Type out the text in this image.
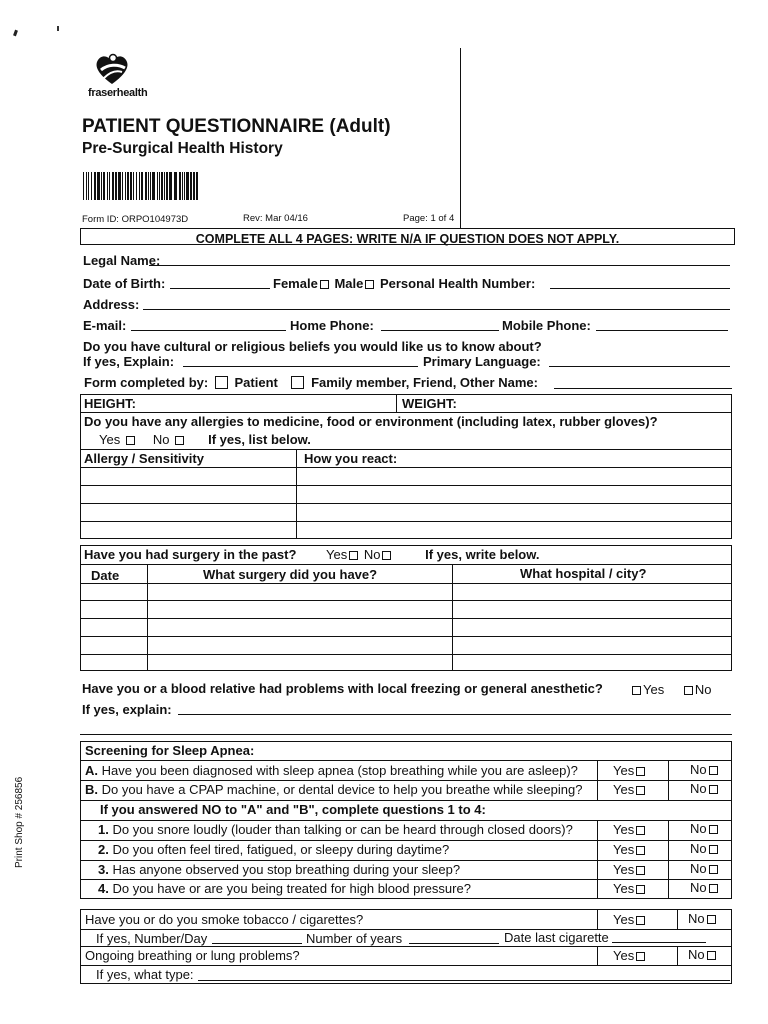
fraserhealth
PATIENT QUESTIONNAIRE (Adult)
Pre-Surgical Health History
Form ID: ORPO104973D	Rev: Mar 04/16	Page: 1 of 4
COMPLETE ALL 4 PAGES: WRITE N/A IF QUESTION DOES NOT APPLY.
Legal Name:
Date of Birth:	Female Male Personal Health Number:
Address:
E-mail:	Home Phone:	Mobile Phone:
Do you have cultural or religious beliefs you would like us to know about?
If yes, Explain:	Primary Language:
Form completed by: Patient	Family member, Friend, Other Name:
HEIGHT:	WEIGHT:
Do you have any allergies to medicine, food or environment (including latex, rubber gloves)?
Yes	No	If yes, list below.
Allergy / Sensitivity	How you react:
Have you had surgery in the past? Yes No	If yes, write below.
Date	What surgery did you have?	What hospital / city?
Have you or a blood relative had problems with local freezing or general anesthetic?	Yes No
If yes, explain:
Screening for Sleep Apnea:
A. Have you been diagnosed with sleep apnea (stop breathing while you are asleep)?	Yes	No
B. Do you have a CPAP machine, or dental device to help you breathe while sleeping? Yes	No
If you answered NO to "A" and "B", complete questions 1 to 4:
1. Do you snore loudly (louder than talking or can be heard through closed doors)?	Yes	No
2. Do you often feel tired, fatigued, or sleepy during daytime?	Yes	No
3. Has anyone observed you stop breathing during your sleep?	Yes	No
4. Do you have or are you being treated for high blood pressure?	Yes	No
Have you or do you smoke tobacco / cigarettes?	Yes	No
If yes, Number/Day	Number of years	Date last cigarette
Ongoing breathing or lung problems?	Yes	No
If yes, what type:
Print Shop # 256856
